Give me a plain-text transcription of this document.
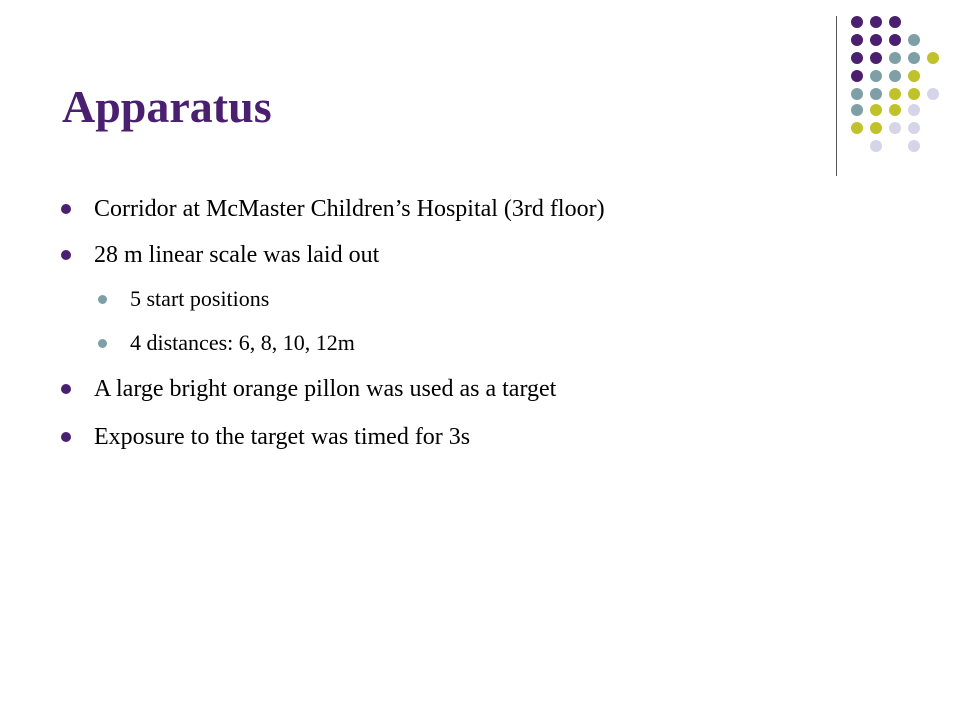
Apparatus
Corridor at McMaster Children’s Hospital (3rd floor)
28 m linear scale was laid out
5 start positions
4 distances: 6, 8, 10, 12m
A large bright orange pillon was used as a target
Exposure to the target was timed for 3s
